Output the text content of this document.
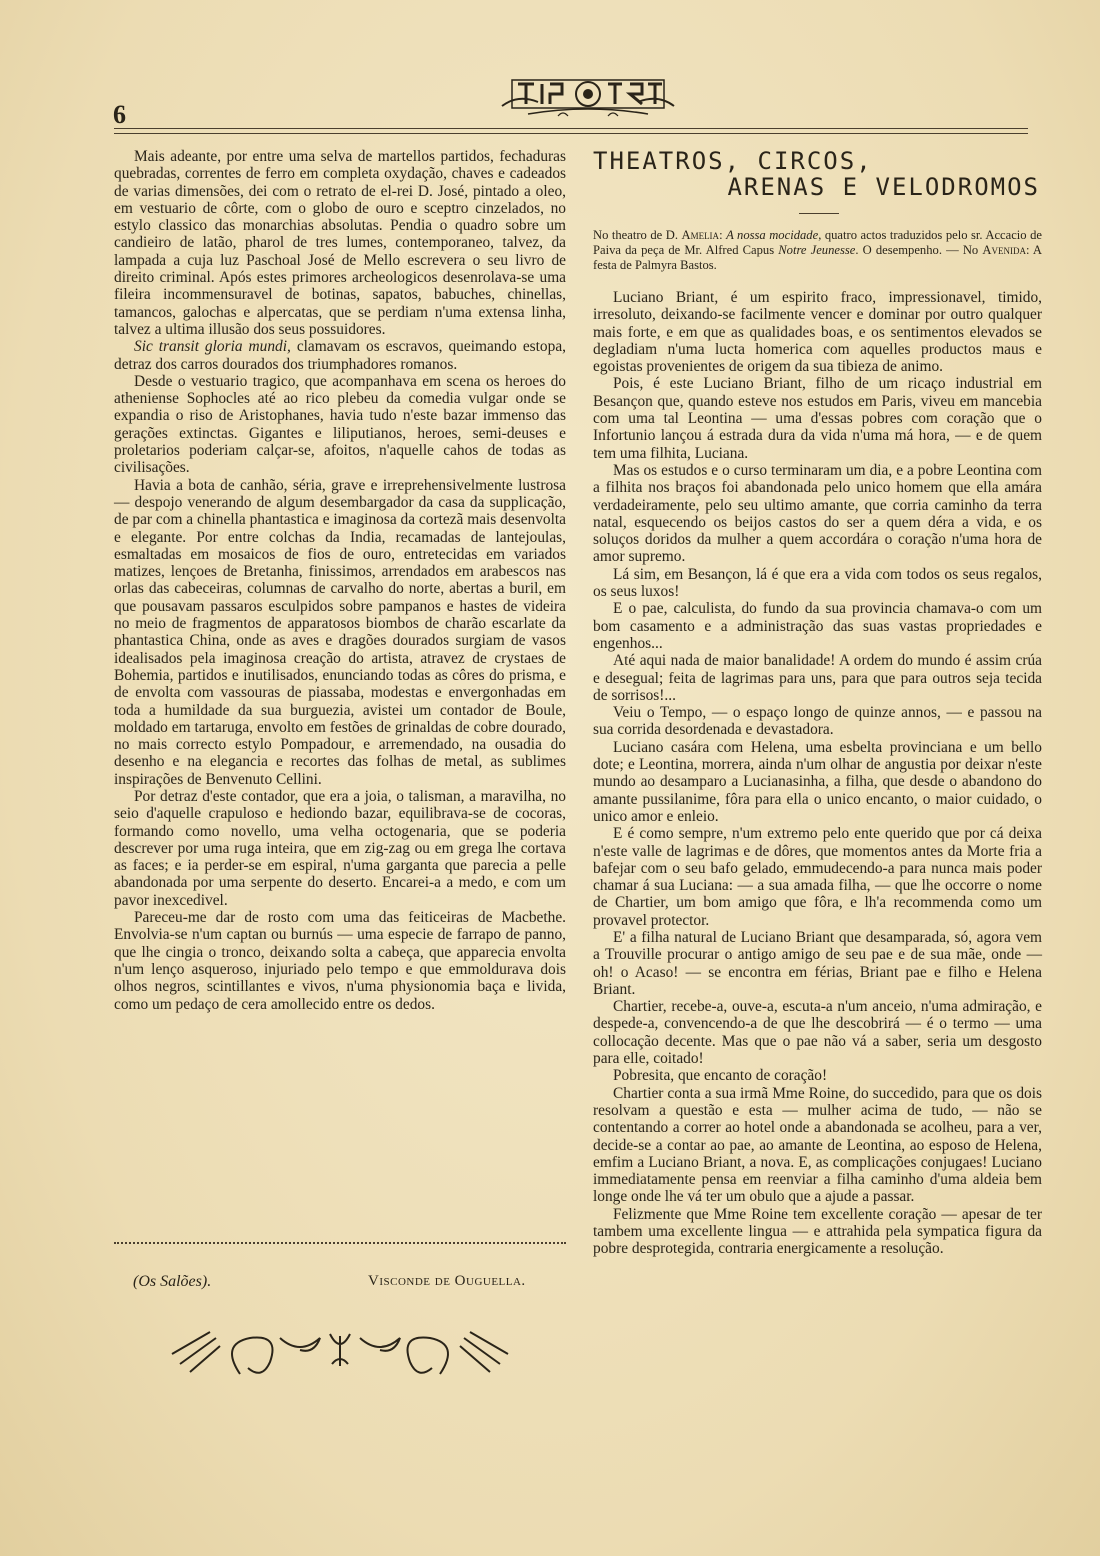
6

Mais adeante, por entre uma selva de martellos partidos, fechaduras quebradas, correntes de ferro em completa oxydação, chaves e cadeados de varias dimensões, dei com o retrato de el-rei D. José, pintado a oleo, em vestuario de côrte, com o globo de ouro e sceptro cinzelados, no estylo classico das monarchias absolutas. Pendia o quadro sobre um candieiro de latão, pharol de tres lumes, contemporaneo, talvez, da lampada a cuja luz Paschoal José de Mello escrevera o seu livro de direito criminal. Após estes primores archeologicos desenrolava-se uma fileira incommensuravel de botinas, sapatos, babuches, chinellas, tamancos, galochas e alpercatas, que se perdiam n'uma extensa linha, talvez a ultima illusão dos seus possuidores.

Sic transit gloria mundi, clamavam os escravos, queimando estopa, detraz dos carros dourados dos triumphadores romanos.

Desde o vestuario tragico, que acompanhava em scena os heroes do atheniense Sophocles até ao rico plebeu da comedia vulgar onde se expandia o riso de Aristophanes, havia tudo n'este bazar immenso das gerações extinctas. Gigantes e liliputianos, heroes, semi-deuses e proletarios poderiam calçar-se, afoitos, n'aquelle cahos de todas as civilisações.

Havia a bota de canhão, séria, grave e irreprehensivelmente lustrosa — despojo venerando de algum desembargador da casa da supplicação, de par com a chinella phantastica e imaginosa da cortezã mais desenvolta e elegante. Por entre colchas da India, recamadas de lantejoulas, esmaltadas em mosaicos de fios de ouro, entretecidas em variados matizes, lençoes de Bretanha, finissimos, arrendados em arabescos nas orlas das cabeceiras, columnas de carvalho do norte, abertas a buril, em que pousavam passaros esculpidos sobre pampanos e hastes de videira no meio de fragmentos de apparatosos biombos de charão escarlate da phantastica China, onde as aves e dragões dourados surgiam de vasos idealisados pela imaginosa creação do artista, atravez de crystaes de Bohemia, partidos e inutilisados, enunciando todas as côres do prisma, e de envolta com vassouras de piassaba, modestas e envergonhadas em toda a humildade da sua burguezia, avistei um contador de Boule, moldado em tartaruga, envolto em festões de grinaldas de cobre dourado, no mais correcto estylo Pompadour, e arremendado, na ousadia do desenho e na elegancia e recortes das folhas de metal, as sublimes inspirações de Benvenuto Cellini.

Por detraz d'este contador, que era a joia, o talisman, a maravilha, no seio d'aquelle crapuloso e hediondo bazar, equilibrava-se de cocoras, formando como novello, uma velha octogenaria, que se poderia descrever por uma ruga inteira, que em zig-zag ou em grega lhe cortava as faces; e ia perder-se em espiral, n'uma garganta que parecia a pelle abandonada por uma serpente do deserto. Encarei-a a medo, e com um pavor inexcedivel.

Pareceu-me dar de rosto com uma das feiticeiras de Macbethe. Envolvia-se n'um captan ou burnús — uma especie de farrapo de panno, que lhe cingia o tronco, deixando solta a cabeça, que apparecia envolta n'um lenço asqueroso, injuriado pelo tempo e que emmoldurava dois olhos negros, scintillantes e vivos, n'uma physionomia baça e livida, como um pedaço de cera amollecido entre os dedos.

(Os Salões).	Visconde de Ouguella.
THEATROS, CIRCOS,
ARENAS E VELODROMOS
No theatro de D. Amelia: A nossa mocidade, quatro actos traduzidos pelo sr. Accacio de Paiva da peça de Mr. Alfred Capus Notre Jeunesse. O desempenho. — No Avenida: A festa de Palmyra Bastos.

Luciano Briant, é um espirito fraco, impressionavel, timido, irresoluto, deixando-se facilmente vencer e dominar por outro qualquer mais forte, e em que as qualidades boas, e os sentimentos elevados se degladiam n'uma lucta homerica com aquelles productos maus e egoistas provenientes de origem da sua tibieza de animo.

Pois, é este Luciano Briant, filho de um ricaço industrial em Besançon que, quando esteve nos estudos em Paris, viveu em mancebia com uma tal Leontina — uma d'essas pobres com coração que o Infortunio lançou á estrada dura da vida n'uma má hora, — e de quem tem uma filhita, Luciana.

Mas os estudos e o curso terminaram um dia, e a pobre Leontina com a filhita nos braços foi abandonada pelo unico homem que ella amára verdadeiramente, pelo seu ultimo amante, que corria caminho da terra natal, esquecendo os beijos castos do ser a quem déra a vida, e os soluços doridos da mulher a quem accordára o coração n'uma hora de amor supremo.

Lá sim, em Besançon, lá é que era a vida com todos os seus regalos, os seus luxos!

E o pae, calculista, do fundo da sua provincia chamava-o com um bom casamento e a administração das suas vastas propriedades e engenhos...

Até aqui nada de maior banalidade! A ordem do mundo é assim crúa e desegual; feita de lagrimas para uns, para que para outros seja tecida de sorrisos!...

Veiu o Tempo, — o espaço longo de quinze annos, — e passou na sua corrida desordenada e devastadora.

Luciano casára com Helena, uma esbelta provinciana e um bello dote; e Leontina, morrera, ainda n'um olhar de angustia por deixar n'este mundo ao desamparo a Lucianasinha, a filha, que desde o abandono do amante pussilanime, fôra para ella o unico encanto, o maior cuidado, o unico amor e enleio.

E é como sempre, n'um extremo pelo ente querido que por cá deixa n'este valle de lagrimas e de dôres, que momentos antes da Morte fria a bafejar com o seu bafo gelado, emmudecendo-a para nunca mais poder chamar á sua Luciana: — a sua amada filha, — que lhe occorre o nome de Chartier, um bom amigo que fôra, e lh'a recommenda como um provavel protector.

E' a filha natural de Luciano Briant que desamparada, só, agora vem a Trouville procurar o antigo amigo de seu pae e de sua mãe, onde — oh! o Acaso! — se encontra em férias, Briant pae e filho e Helena Briant.

Chartier, recebe-a, ouve-a, escuta-a n'um anceio, n'uma admiração, e despede-a, convencendo-a de que lhe descobrirá — é o termo — uma collocação decente. Mas que o pae não vá a saber, seria um desgosto para elle, coitado!

Pobresita, que encanto de coração!

Chartier conta a sua irmã Mme Roine, do succedido, para que os dois resolvam a questão e esta — mulher acima de tudo, — não se contentando a correr ao hotel onde a abandonada se acolheu, para a ver, decide-se a contar ao pae, ao amante de Leontina, ao esposo de Helena, emfim a Luciano Briant, a nova. E, as complicações conjugaes! Luciano immediatamente pensa em reenviar a filha caminho d'uma aldeia bem longe onde lhe vá ter um obulo que a ajude a passar.

Felizmente que Mme Roine tem excellente coração — apesar de ter tambem uma excellente lingua — e attrahida pela sympatica figura da pobre desprotegida, contraria energicamente a resolução.
